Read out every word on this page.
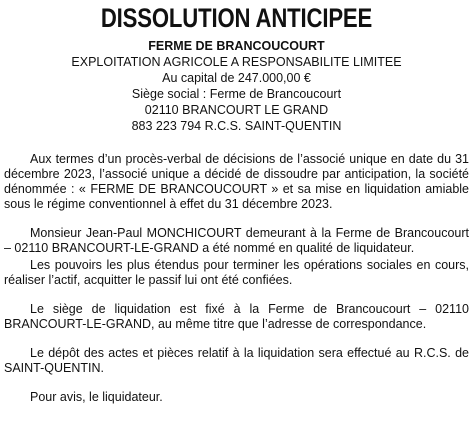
DISSOLUTION ANTICIPEE
FERME DE BRANCOUCOURT
EXPLOITATION AGRICOLE A RESPONSABILITE LIMITEE
Au capital de 247.000,00 €
Siège social : Ferme de Brancoucourt
02110 BRANCOURT LE GRAND
883 223 794 R.C.S. SAINT-QUENTIN

Aux termes d’un procès-verbal de décisions de l’associé unique en date du 31 décembre 2023, l’associé unique a décidé de dissoudre par anticipation, la société dénommée : « FERME DE BRANCOUCOURT » et sa mise en liquidation amiable sous le régime conventionnel à effet du 31 décembre 2023.

Monsieur Jean-Paul MONCHICOURT demeurant à la Ferme de Brancoucourt – 02110 BRANCOURT-LE-GRAND a été nommé en qualité de liquidateur.

Les pouvoirs les plus étendus pour terminer les opérations sociales en cours, réaliser l’actif, acquitter le passif lui ont été confiées.

Le siège de liquidation est fixé à la Ferme de Brancoucourt – 02110 BRANCOURT-LE-GRAND, au même titre que l’adresse de correspondance.

Le dépôt des actes et pièces relatif à la liquidation sera effectué au R.C.S. de SAINT-QUENTIN.

Pour avis, le liquidateur.
